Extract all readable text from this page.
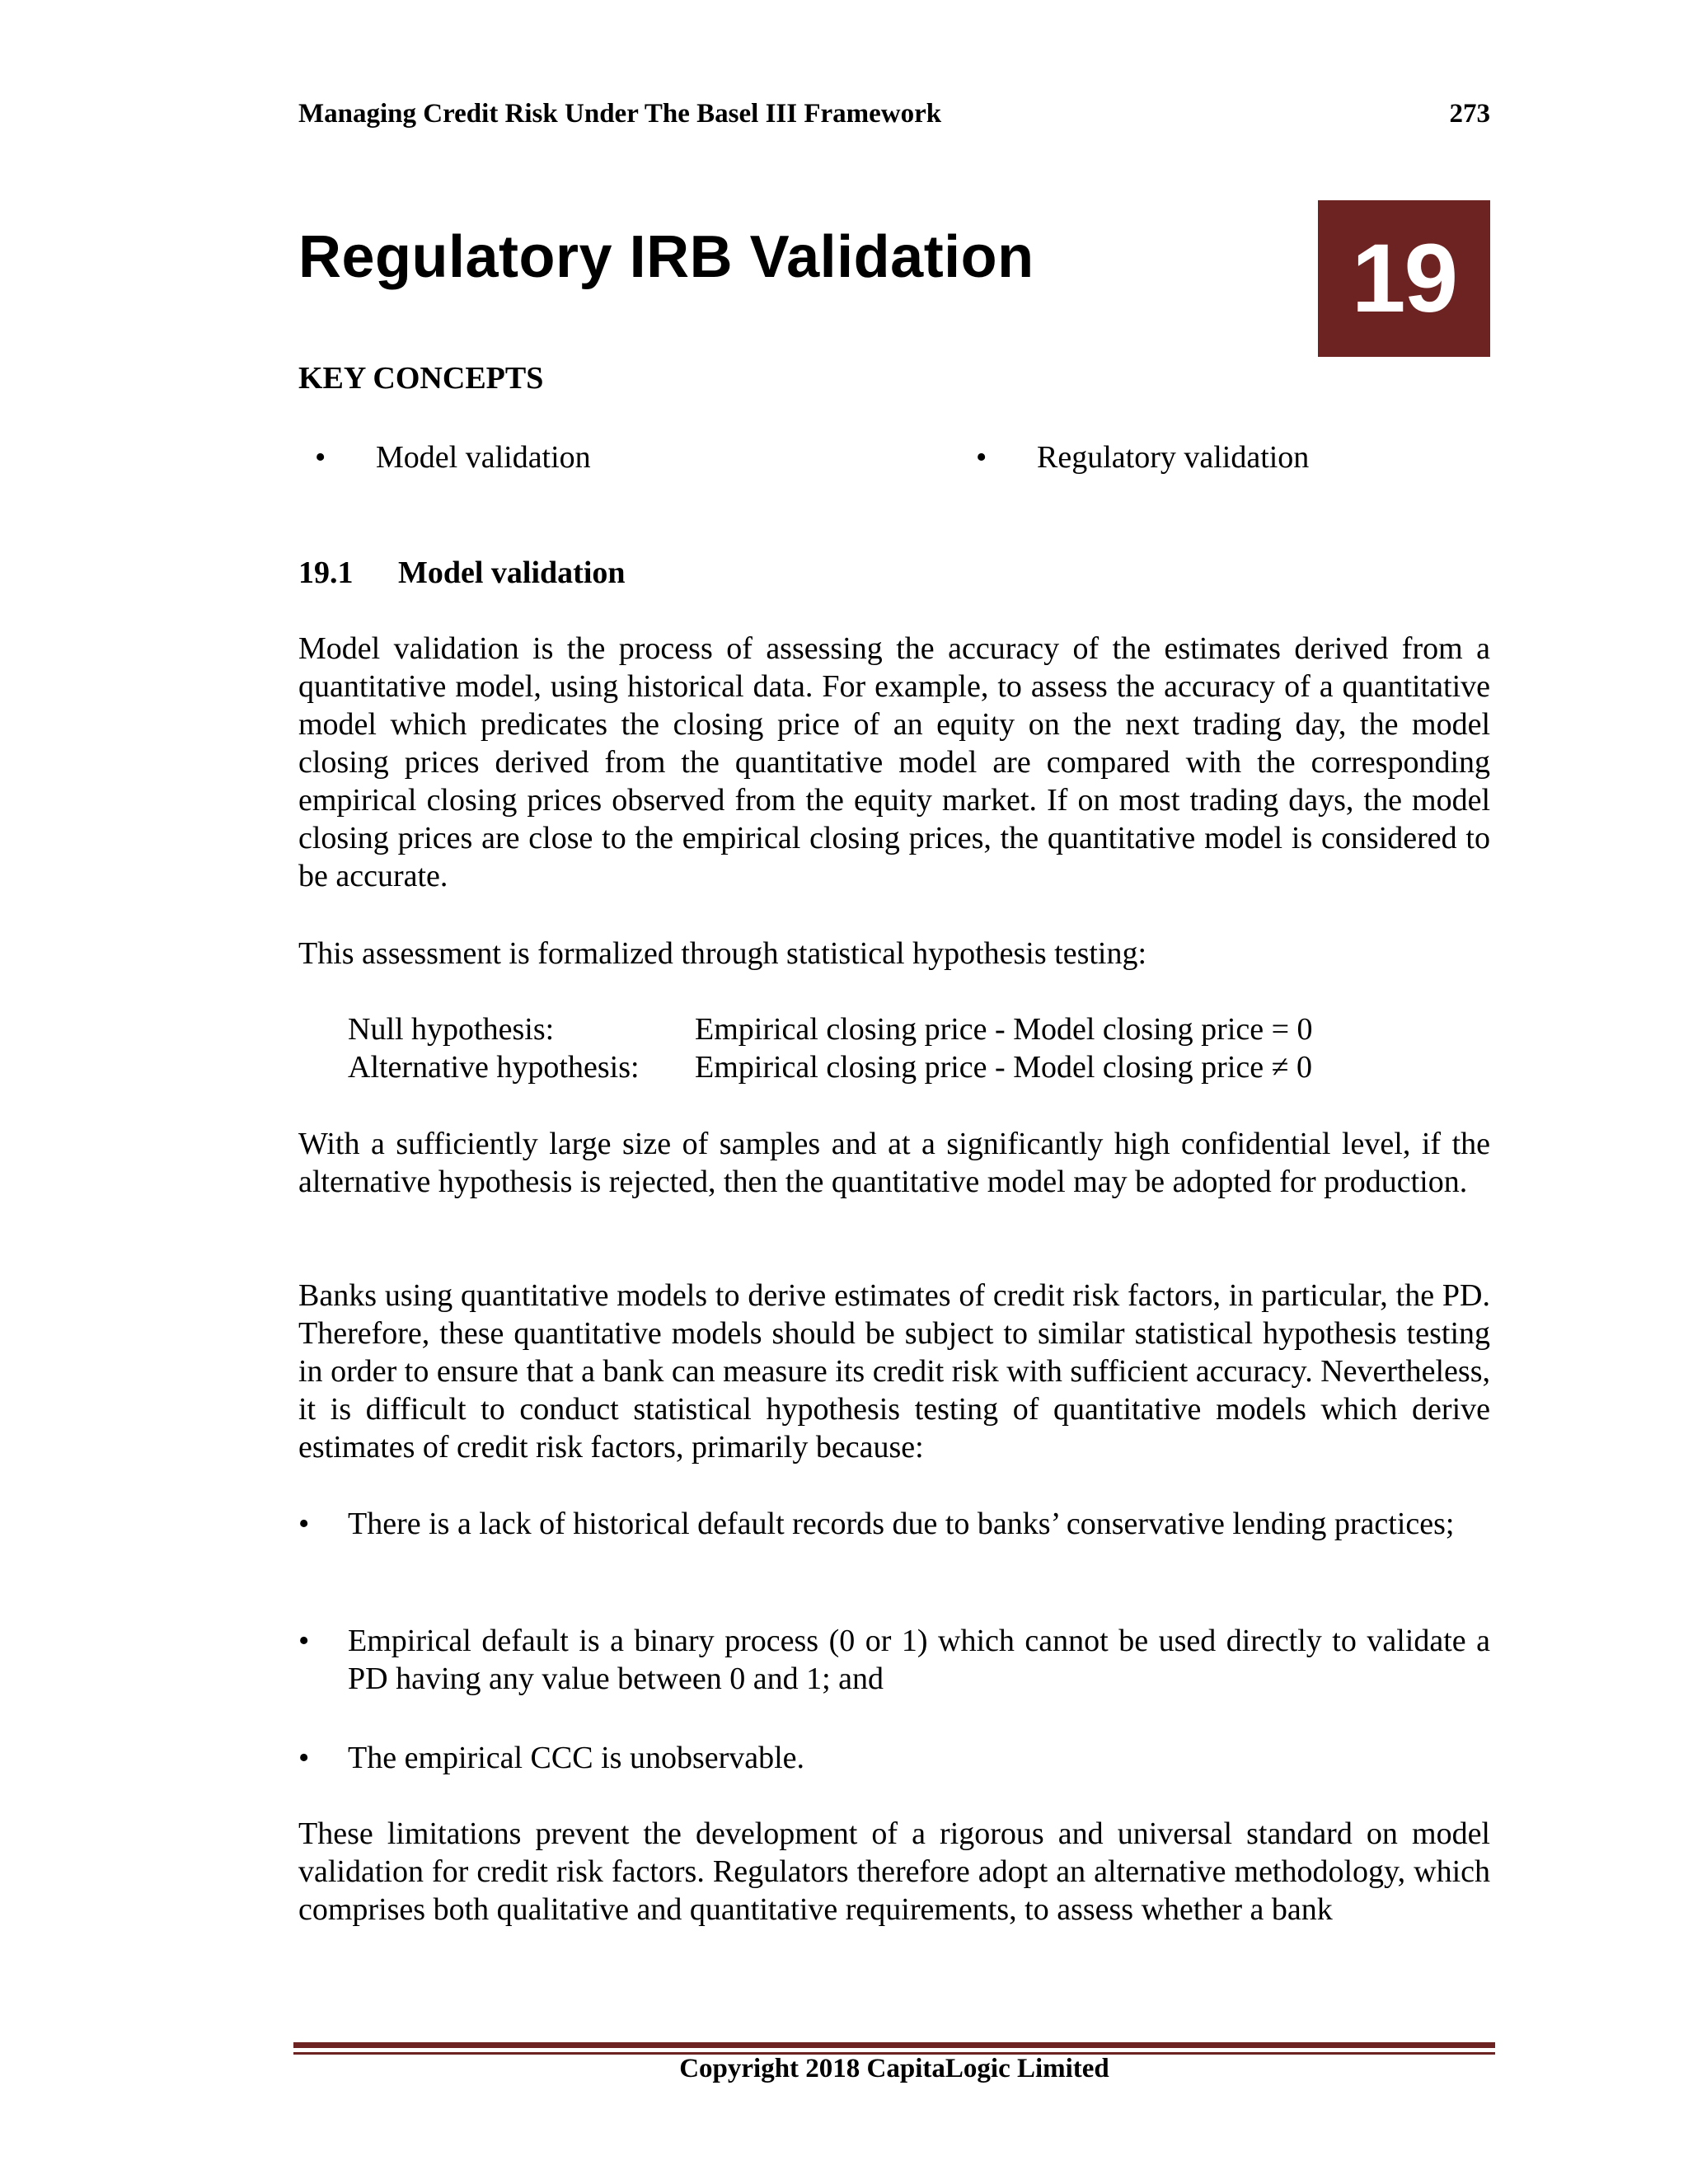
Managing Credit Risk Under The Basel III Framework	273
Regulatory IRB Validation	19
KEY CONCEPTS
• Model validation	• Regulatory validation
19.1 Model validation

Model validation is the process of assessing the accuracy of the estimates derived from a quantitative model, using historical data. For example, to assess the accuracy of a quantitative model which predicates the closing price of an equity on the next trading day, the model closing prices derived from the quantitative model are compared with the corresponding empirical closing prices observed from the equity market. If on most trading days, the model closing prices are close to the empirical closing prices, the quantitative model is considered to be accurate.

This assessment is formalized through statistical hypothesis testing:

Null hypothesis:	Empirical closing price - Model closing price = 0
Alternative hypothesis: Empirical closing price - Model closing price ≠ 0

With a sufficiently large size of samples and at a significantly high confidential level, if the alternative hypothesis is rejected, then the quantitative model may be adopted for production.

Banks using quantitative models to derive estimates of credit risk factors, in particular, the PD. Therefore, these quantitative models should be subject to similar statistical hypothesis testing in order to ensure that a bank can measure its credit risk with sufficient accuracy. Nevertheless, it is difficult to conduct statistical hypothesis testing of quantitative models which derive estimates of credit risk factors, primarily because:

• There is a lack of historical default records due to banks’ conservative lending practices;
• Empirical default is a binary process (0 or 1) which cannot be used directly to validate a PD having any value between 0 and 1; and
• The empirical CCC is unobservable.

These limitations prevent the development of a rigorous and universal standard on model validation for credit risk factors. Regulators therefore adopt an alternative methodology, which comprises both qualitative and quantitative requirements, to assess whether a bank

Copyright 2018 CapitaLogic Limited
